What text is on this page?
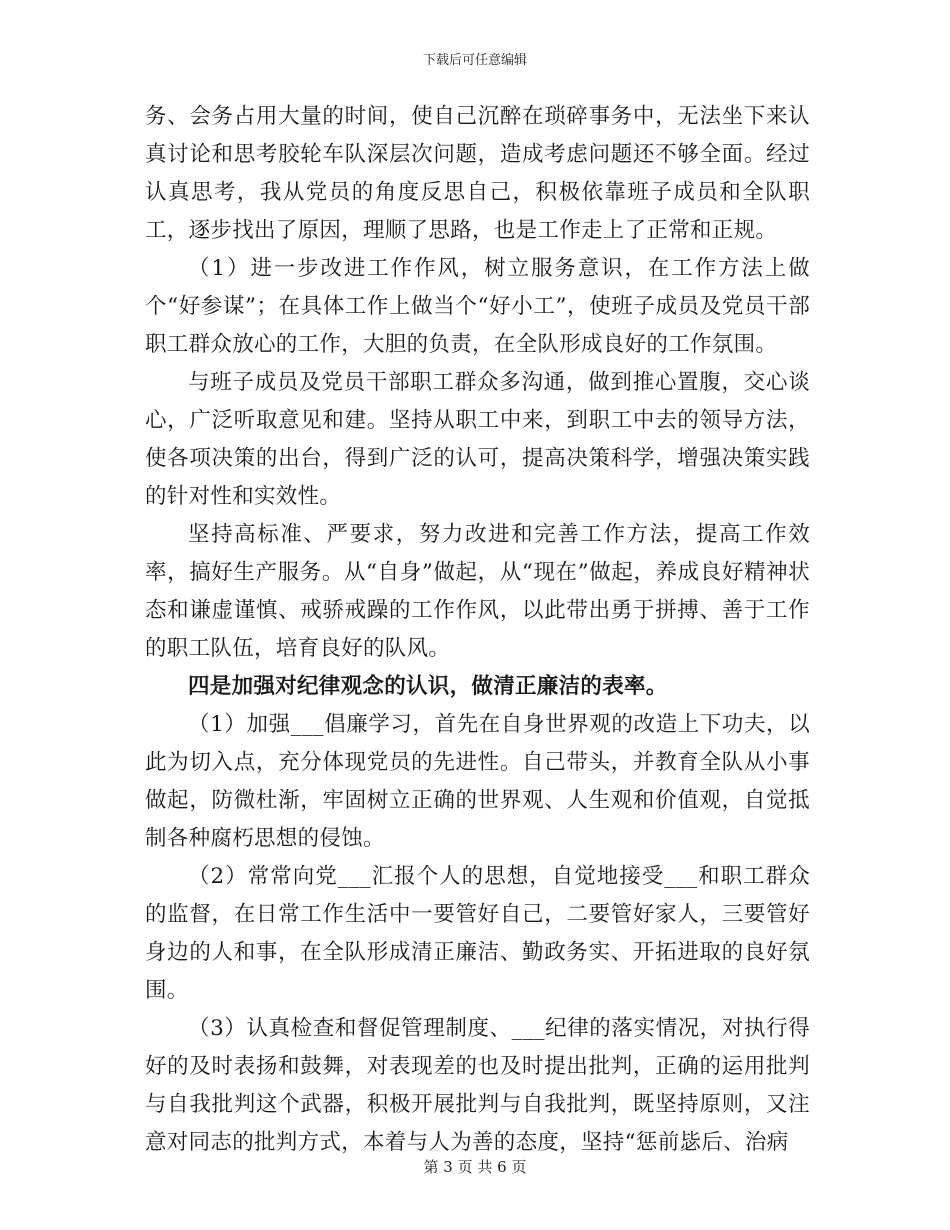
下载后可任意编辑

务、会务占用大量的时间，使自己沉醉在琐碎事务中，无法坐下来认真讨论和思考胶轮车队深层次问题，造成考虑问题还不够全面。经过认真思考，我从党员的角度反思自己，积极依靠班子成员和全队职工，逐步找出了原因，理顺了思路，也是工作走上了正常和正规。

（1）进一步改进工作作风，树立服务意识，在工作方法上做个“好参谋”；在具体工作上做当个“好小工”，使班子成员及党员干部职工群众放心的工作，大胆的负责，在全队形成良好的工作氛围。

与班子成员及党员干部职工群众多沟通，做到推心置腹，交心谈心，广泛听取意见和建。坚持从职工中来，到职工中去的领导方法，使各项决策的出台，得到广泛的认可，提高决策科学，增强决策实践的针对性和实效性。

坚持高标准、严要求，努力改进和完善工作方法，提高工作效率，搞好生产服务。从“自身”做起，从“现在”做起，养成良好精神状态和谦虚谨慎、戒骄戒躁的工作作风，以此带出勇于拼搏、善于工作的职工队伍，培育良好的队风。

四是加强对纪律观念的认识，做清正廉洁的表率。

（1）加强___倡廉学习，首先在自身世界观的改造上下功夫，以此为切入点，充分体现党员的先进性。自己带头，并教育全队从小事做起，防微杜渐，牢固树立正确的世界观、人生观和价值观，自觉抵制各种腐朽思想的侵蚀。

（2）常常向党___汇报个人的思想，自觉地接受___和职工群众的监督，在日常工作生活中一要管好自己，二要管好家人，三要管好身边的人和事，在全队形成清正廉洁、勤政务实、开拓进取的良好氛围。

（3）认真检查和督促管理制度、___纪律的落实情况，对执行得好的及时表扬和鼓舞，对表现差的也及时提出批判，正确的运用批判与自我批判这个武器，积极开展批判与自我批判，既坚持原则，又注意对同志的批判方式，本着与人为善的态度，坚持“惩前毖后、治病

第 3 页 共 6 页
